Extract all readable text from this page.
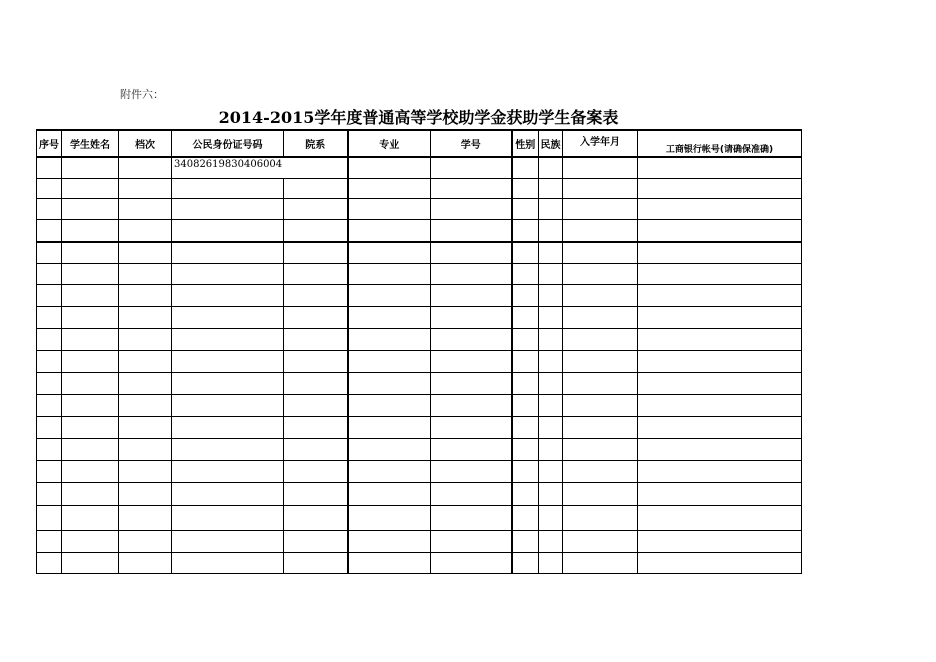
附件六：
2014-2015学年度普通高等学校助学金获助学生备案表
序号	学生姓名	档次	公民身份证号码	院系	专业	学号	性别	民族	入学年月	工商银行帐号(请确保准确)
			34082619830406004							
